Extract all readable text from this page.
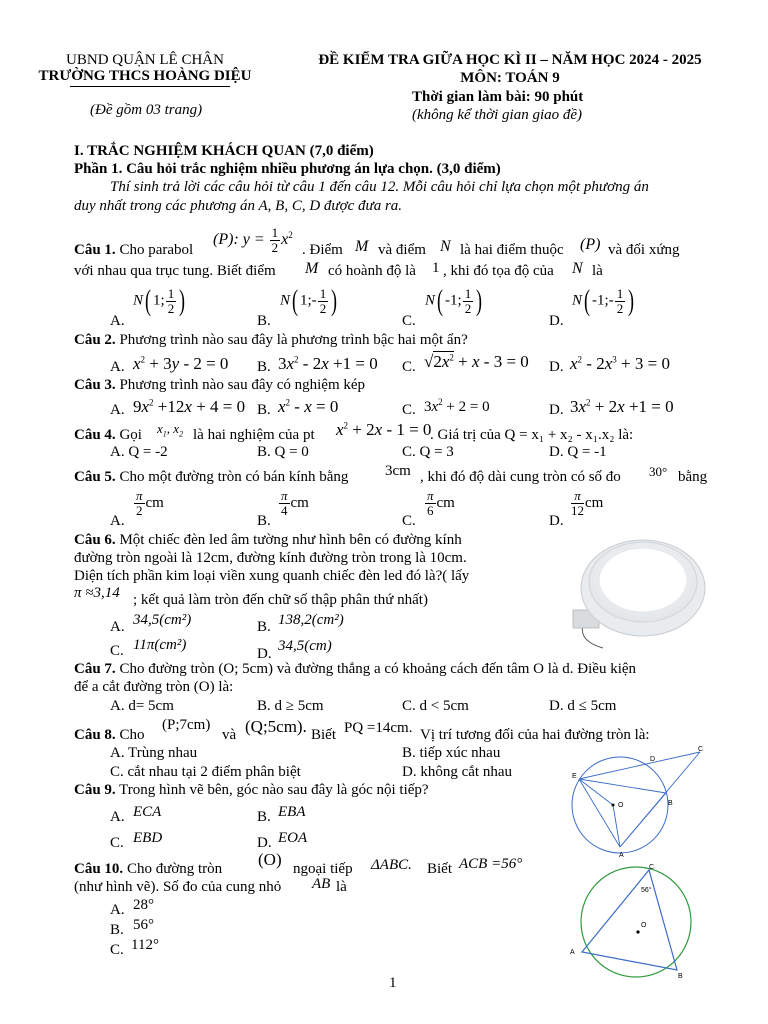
UBND QUẬN LÊ CHÂN
TRƯỜNG THCS HOÀNG DIỆU
(Đề gồm 03 trang)
ĐỀ KIỂM TRA GIỮA HỌC KÌ II – NĂM HỌC 2024 - 2025
MÔN: TOÁN 9
Thời gian làm bài: 90 phút
(không kể thời gian giao đề)
I. TRẮC NGHIỆM KHÁCH QUAN (7,0 điểm)
Phần 1. Câu hỏi trắc nghiệm nhiều phương án lựa chọn. (3,0 điểm)
Thí sinh trả lời các câu hỏi từ câu 1 đến câu 12. Mỗi câu hỏi chỉ lựa chọn một phương án
duy nhất trong các phương án A, B, C, D được đưa ra.
Câu 1. Cho parabol
(P): $y = \frac{1}{2} x^2$
. Điểm M và điểm N là hai điểm thuộc (P) và đối xứng
với nhau qua trục tung. Biết điểm M có hoành độ là 1 , khi đó tọa độ của N là
A.
N( 1; $\frac{1}{2}$ )
B.
N( 1;- $\frac{1}{2}$ )
C.
N( -1; $\frac{1}{2}$ )
D.
N( -1;- $\frac{1}{2}$ )
Câu 2. Phương trình nào sau đây là phương trình bậc hai một ẩn?
A. $x^2 + 3y - 2 = 0$ B. $3x^2 - 2x +1 = 0$ C. $√2x^2 + x - 3 = 0$ D. $x^2 - 2x^3 + 3 = 0$
Câu 3. Phương trình nào sau đây có nghiệm kép
A. $9x^2 +12x + 4 = 0$ B. $x^2 - x = 0$	C. $3x^2 + 2 = 0$	D. $3x^2 + 2x +1 = 0$
Câu 4. Gọi $x_1$, $x_2$ là hai nghiệm của pt $x^2 + 2x - 1 = 0$
. Giá trị của Q = x₁ + x₂ - x₁.x₂ là:
A. Q = -2	B. Q = 0	C. Q = 3	D. Q = -1
Câu 5. Cho một đường tròn có bán kính bằng 3cm , khi đó độ dài cung tròn có số đo 30° bằng
A.
$\frac{\pi}{2}$ cm
B.
$\frac{\pi}{4}$ cm
C.
$\frac{\pi}{6}$ cm
D.
$\frac{\pi}{12}$ cm
Câu 6. Một chiếc đèn led âm tường như hình bên có đường kính
đường tròn ngoài là 12cm, đường kính đường tròn trong là 10cm.
Diện tích phần kim loại viền xung quanh chiếc đèn led đó là?( lấy
π ≈3,14 ; kết quả làm tròn đến chữ số thập phân thứ nhất)
A. 34,5(cm²)	B. 138,2(cm²)
C. 11π(cm²)
D. 34,5(cm)
Câu 7. Cho đường tròn (O; 5cm) và đường thẳng a có khoảng cách đến tâm O là d. Điều kiện
để a cắt đường tròn (O) là:
A. d= 5cm	B. d ≥ 5cm	C. d < 5cm	D. d ≤ 5cm
Câu 8. Cho
(P;7cm)
và (Q;5cm). Biết PQ =14cm. Vị trí tương đối của hai đường tròn là:
A. Trùng nhau	B. tiếp xúc nhau
C. cắt nhau tại 2 điểm phân biệt	D. không cắt nhau
Câu 9. Trong hình vẽ bên, góc nào sau đây là góc nội tiếp?
A. ECA	B. EBA
C. EBD	D. EOA
E
D
C
O	B
A
Câu 10. Cho đường tròn (O) ngoại tiếp ΔABC. Biết ACB =56°
(như hình vẽ). Số đo của cung nhỏ AB là
A. 28°
B. 56°
C. 112°
C
56°
O
A
B
1
